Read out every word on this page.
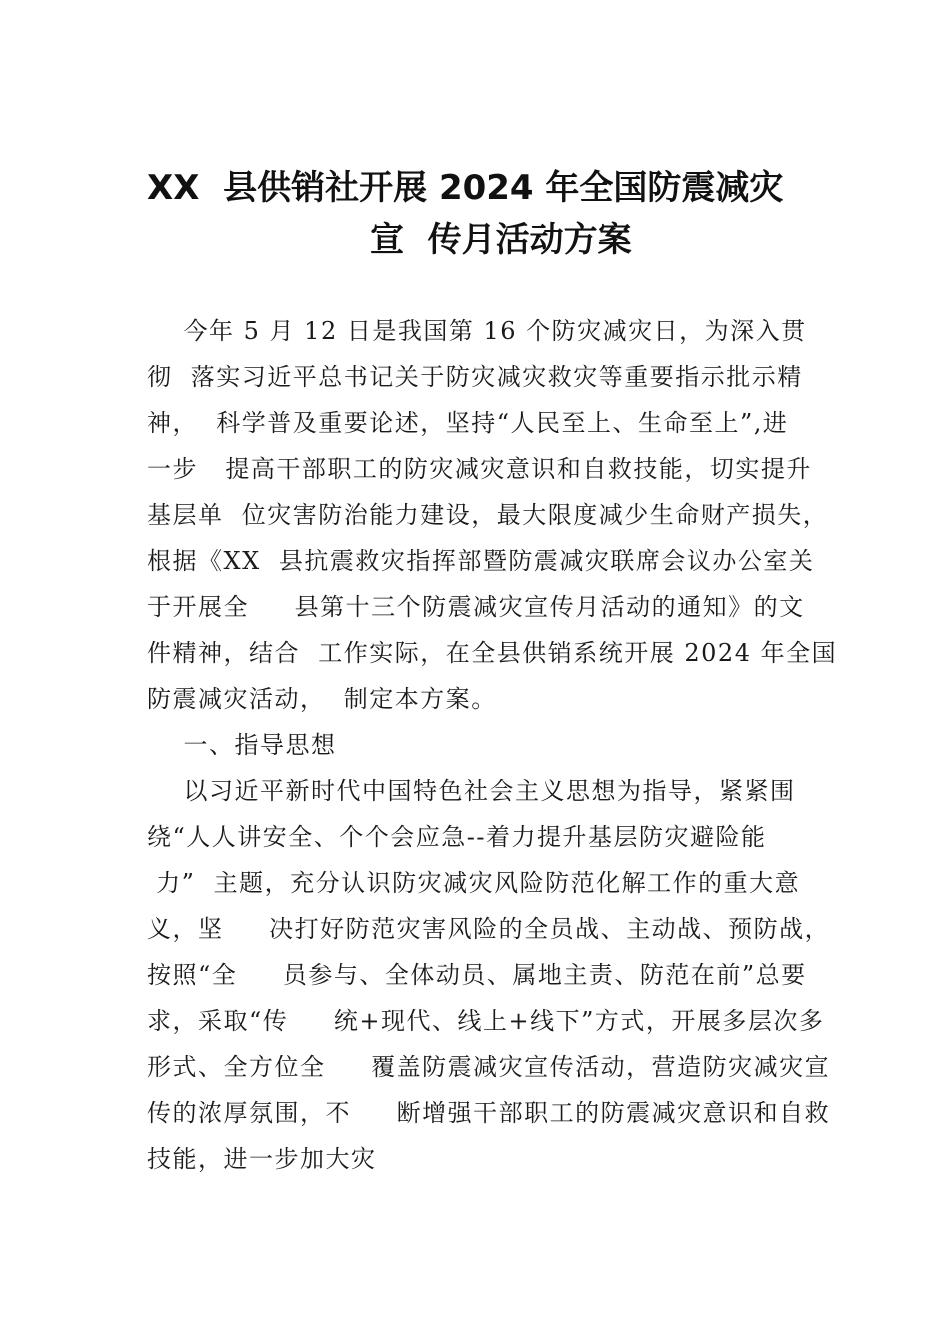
XX  县供销社开展 2024 年全国防震减灾
宣  传月活动方案
今年 5 月 12 日是我国第 16 个防灾减灾日，为深入贯
彻  落实习近平总书记关于防灾减灾救灾等重要指示批示精
神，  科学普及重要论述，坚持“人民至上、生命至上”,进
一步   提高干部职工的防灾减灾意识和自救技能，切实提升
基层单  位灾害防治能力建设，最大限度减少生命财产损失，
根据《XX  县抗震救灾指挥部暨防震减灾联席会议办公室关
于开展全     县第十三个防震减灾宣传月活动的通知》的文
件精神，结合  工作实际，在全县供销系统开展 2024 年全国
防震减灾活动，  制定本方案。
一、指导思想
以习近平新时代中国特色社会主义思想为指导，紧紧围
绕“人人讲安全、个个会应急--着力提升基层防灾避险能
力”  主题，充分认识防灾减灾风险防范化解工作的重大意
义，坚     决打好防范灾害风险的全员战、主动战、预防战，
按照“全     员参与、全体动员、属地主责、防范在前”总要
求，采取“传     统+现代、线上+线下”方式，开展多层次多
形式、全方位全     覆盖防震减灾宣传活动，营造防灾减灾宣
传的浓厚氛围，不     断增强干部职工的防震减灾意识和自救
技能，进一步加大灾
